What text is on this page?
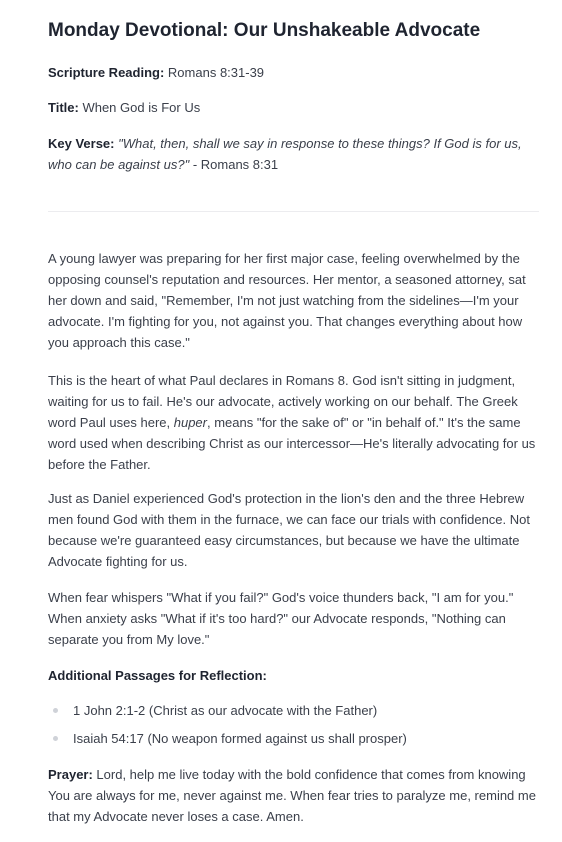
Monday Devotional: Our Unshakeable Advocate

Scripture Reading: Romans 8:31-39

Title: When God is For Us

Key Verse: "What, then, shall we say in response to these things? If God is for us, who can be against us?" - Romans 8:31

A young lawyer was preparing for her first major case, feeling overwhelmed by the opposing counsel's reputation and resources. Her mentor, a seasoned attorney, sat her down and said, "Remember, I'm not just watching from the sidelines—I'm your advocate. I'm fighting for you, not against you. That changes everything about how you approach this case."

This is the heart of what Paul declares in Romans 8. God isn't sitting in judgment, waiting for us to fail. He's our advocate, actively working on our behalf. The Greek word Paul uses here, huper, means "for the sake of" or "in behalf of." It's the same word used when describing Christ as our intercessor—He's literally advocating for us before the Father.

Just as Daniel experienced God's protection in the lion's den and the three Hebrew men found God with them in the furnace, we can face our trials with confidence. Not because we're guaranteed easy circumstances, but because we have the ultimate Advocate fighting for us.

When fear whispers "What if you fail?" God's voice thunders back, "I am for you." When anxiety asks "What if it's too hard?" our Advocate responds, "Nothing can separate you from My love."

Additional Passages for Reflection:

1 John 2:1-2 (Christ as our advocate with the Father)
Isaiah 54:17 (No weapon formed against us shall prosper)

Prayer: Lord, help me live today with the bold confidence that comes from knowing You are always for me, never against me. When fear tries to paralyze me, remind me that my Advocate never loses a case. Amen.
